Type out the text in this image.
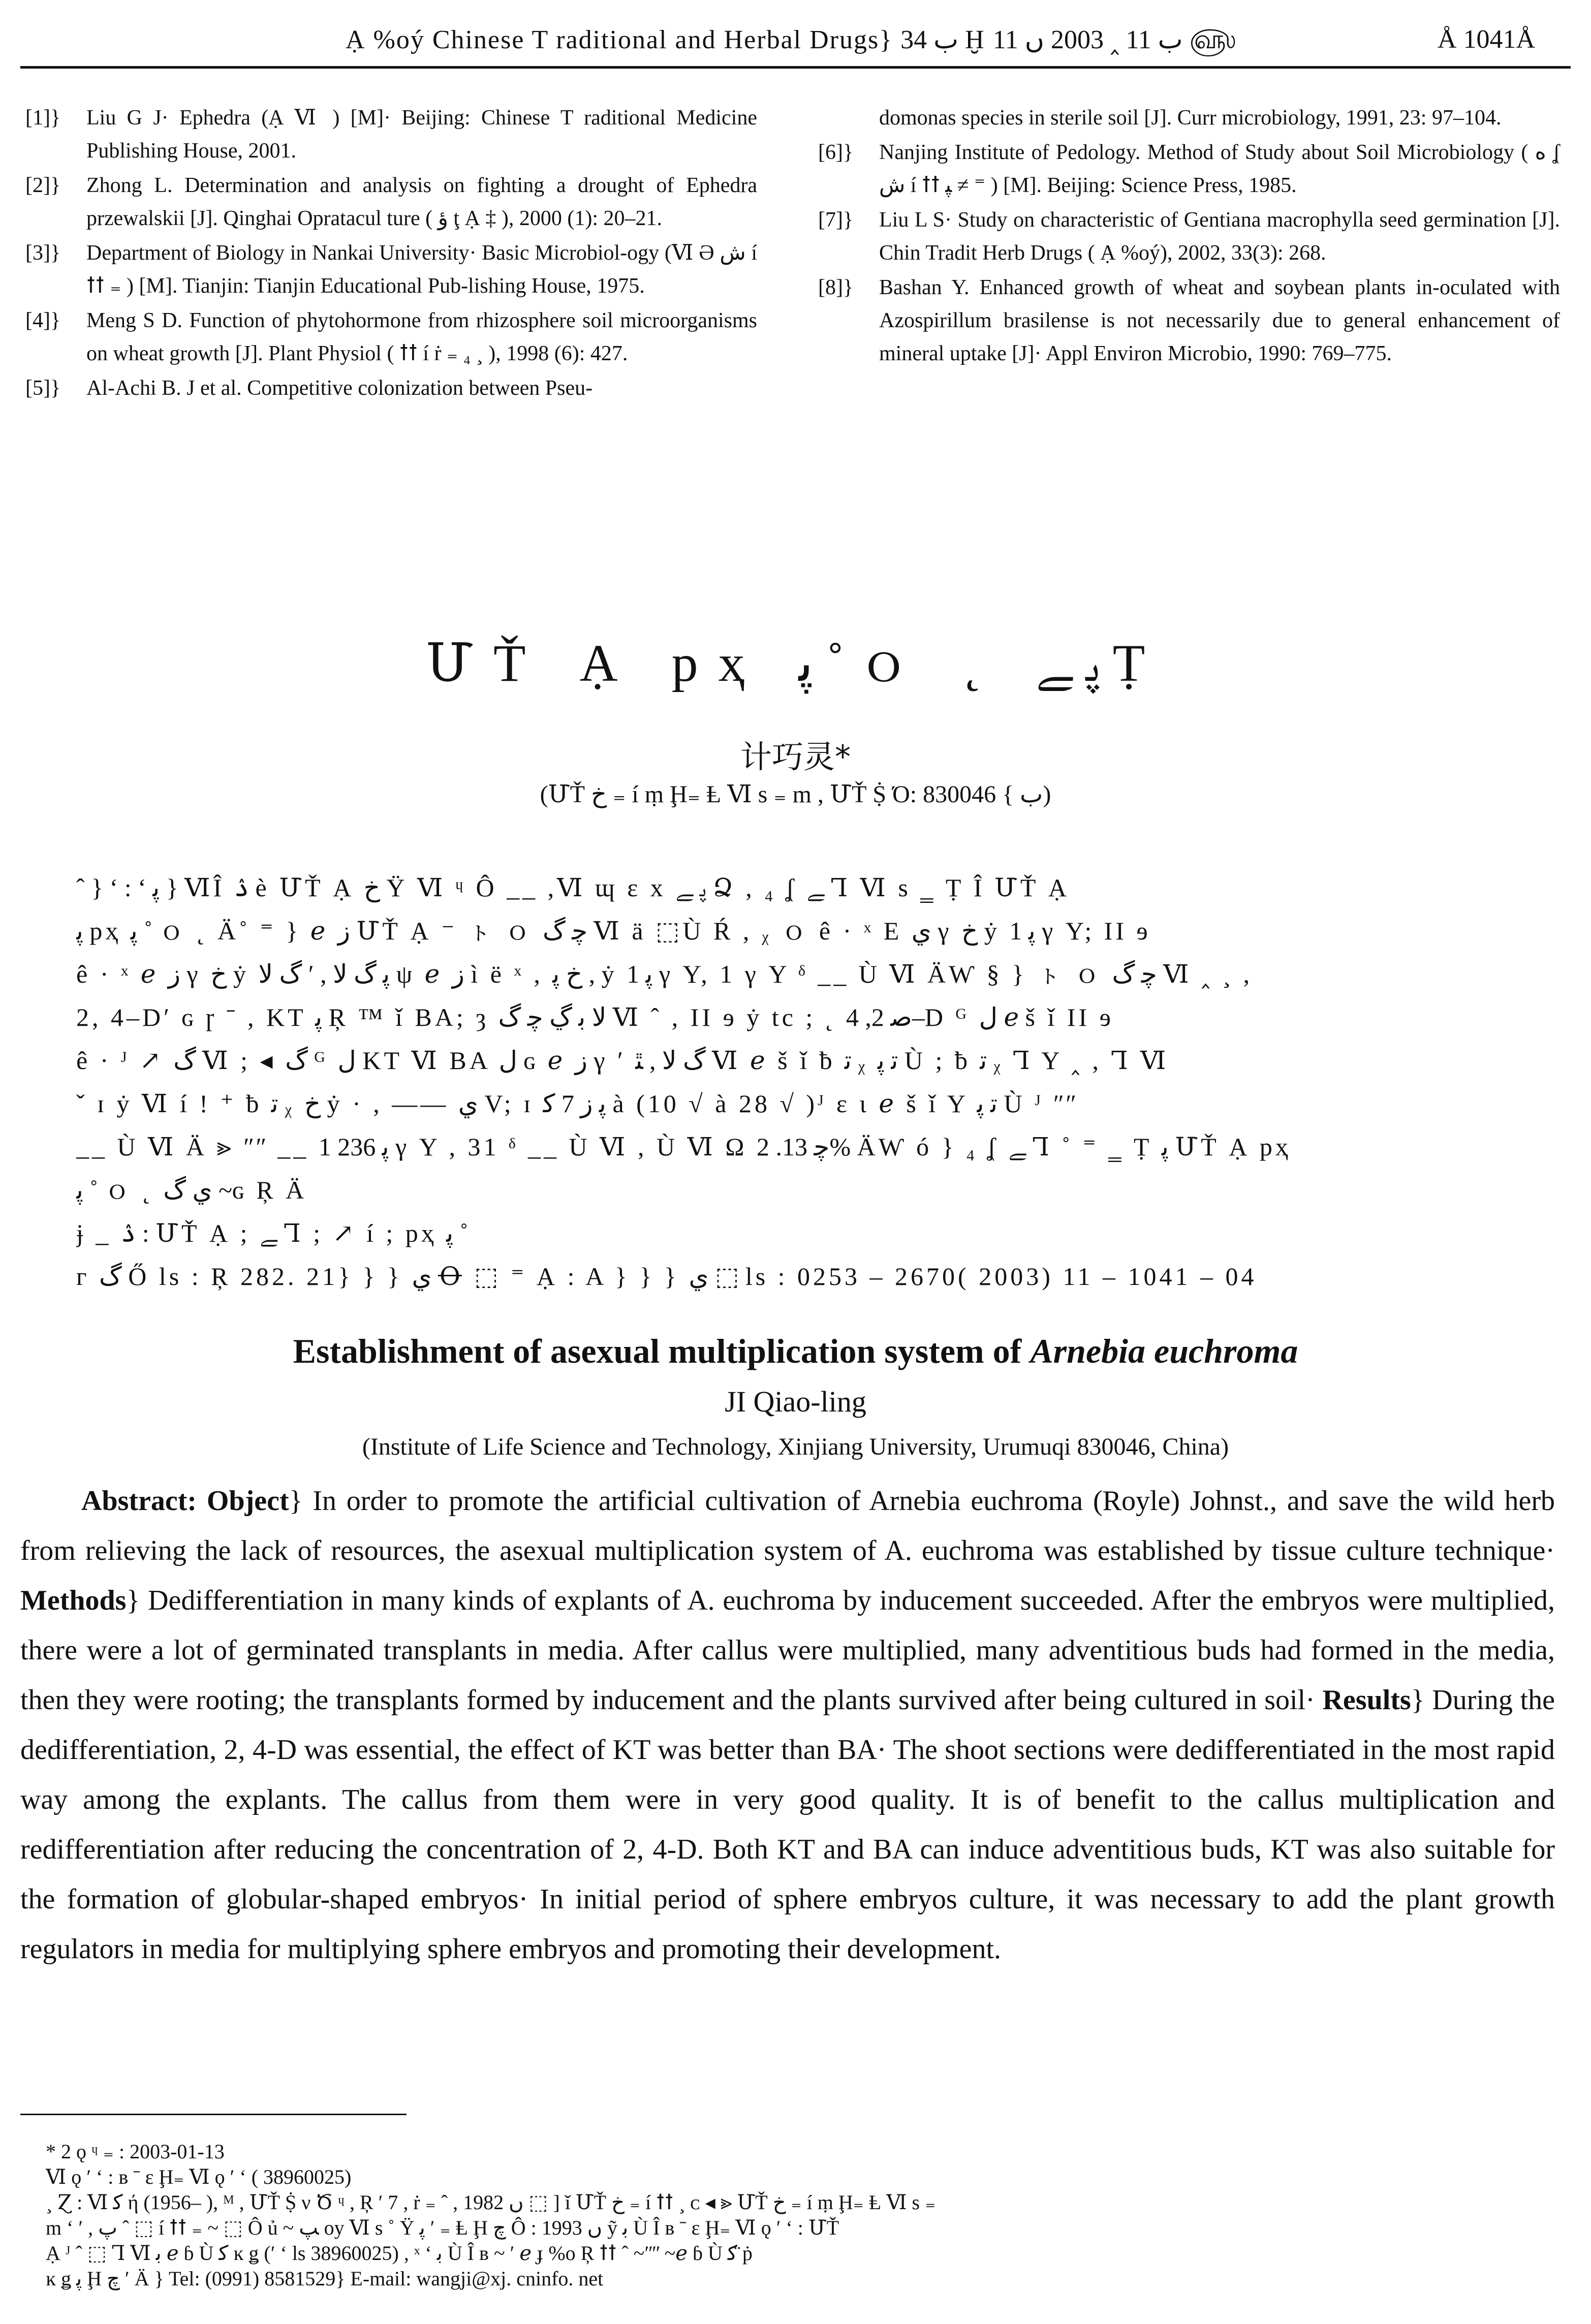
Ạ %oý Chinese T raditional and Herbal Drugs} ب 34 Ḫ ب 11 ‸ 2003 ں 11 ௵	Å 1041Å
[1]}	Liu G J· Ephedra (Ạ Ⅵ ) [M]· Beijing: Chinese T raditional Medicine Publishing House, 2001.
[2]}	Zhong L. Determination and analysis on fighting a drought of Ephedra przewalskii [J]. Qinghai Opratacul ture ( ؤ ţ Ạ ‡ ), 2000 (1): 20–21.
[3]}	Department of Biology in Nankai University· Basic Microbiol-ogy (Ⅵ Ə ش í ꝉꝉ ₌ ) [M]. Tianjin: Tianjin Educational Pub-lishing House, 1975.
[4]}	Meng S D. Function of phytohormone from rhizosphere soil microorganisms on wheat growth [J]. Plant Physiol ( ꝉꝉ í ṙ ₌ ₄ ¸ ), 1998 (6): 427.
[5]}	Al-Achi B. J et al. Competitive colonization between Pseu-
domonas species in sterile soil [J]. Curr microbiology, 1991, 23: 97–104.
[6]}	Nanjing Institute of Pedology. Method of Study about Soil Microbiology ( ﻩ ʆ ش í ꝉꝉ ﭙ ≠ ⁼ ) [M]. Beijing: Science Press, 1985.
[7]}	Liu L S· Study on characteristic of Gentiana macrophylla seed germination [J]. Chin Tradit Herb Drugs ( Ạ %oý), 2002, 33(3): 268.
[8]}	Bashan Y. Enhanced growth of wheat and soybean plants in-oculated with Azospirillum brasilense is not necessarily due to general enhancement of mineral uptake [J]· Appl Environ Microbio, 1990: 769–775.
ՄŤ Ạ pҳ ﭘ ˚ ｏ ˛ ﭘ ﮯ Ṭ
计巧灵*
(ՄŤ ﺥ ₌ í ṃ Ḩ₌ Ⱡ Ⅵ s ₌ m , ՄŤ Ṩ Ό: ب } 830046)

ˆ } ʻ : ʻ ﭘ } ⅥÎ ۮ è ՄŤ Ạ ﺥ Ÿ Ⅵ ᶣ Ô __ ,Ⅵ ɰ ε x ﭘ ﮯ Ձ , ₄ ʆ ﮯ Ꞁ Ⅵ s ‗ Ṭ Î ՄŤ Ạ

ﭘ pҳ ﭘ ˚ ｏ ˛ Ä˚ ⁼ } ℯ ﺯ ՄŤ Ạ ⁻ ㇳ ｏ ﭼ ﮒ Ⅵ ä ⬚Ù Ŕ , ᵪ ｏ ê · ˣ E ﻱ γ ﺥ ẏ ﭘ 1 γ Y; ІІ ɘ

ê · ˣ ℯ ﺯ γ ﺥ ẏ ﭘ ﮒ ﻻ , ʹ ﮒ ﻻ ψ ℯ ﺯ ì ë ˣ , ﺥ ﭘ , ẏ ﭘ 1 γ Y, 1 γ Y ᵟ __ Ù Ⅵ ÄⱲ § } ㇳ ｏ ﭼ ﮒ Ⅵ ‸ ¸ ,

2, 4–Dʹ ɢ ɼ ˉ , KT ﭘ Ŗ ™ ǐ BA; ȝ ﻻ ﺑ ڲ ﭼ ﮒ Ⅵ ˆ , ІІ ɘ ẏ tc ; ˛ ﺻ 2, 4–D ᴳ ﻝ ℯ š ǐ ІІ ɘ

ê · ᴶ ↗ ﮒ Ⅵ ; ◂ ﮒ ᴳ ﻝ KT Ⅵ BA ﻝ ɢ ℯ ﺯ γ ʹ ﮒ ﻻ , ﭥ Ⅵ ℯ š ǐ ƀ ﺗ ᵪ ﺗ ﭘ Ù ; ƀ ﺗ ᵪ Ꞁ Y ‸ , Ꞁ Ⅵ

ˇ ɪ ẏ Ⅵ í ǃ ⁺ ƀ ﺗ ᵪ ﺥ ẏ · , —— ﻱ V; ɪ ﭘ ﺯ 7 ﮐ à (10 √ à 28 √ )ᴶ ε ι ℯ š ǐ Y ﺗ ﭘ Ù ᴶ ʺʺ

__ Ù Ⅵ Ä ⪢ ʺʺ __ ﭘ 236 1 γ Y , 31 ᵟ __ Ù Ⅵ , Ù Ⅵ Ω ﭼ 13. 2% ÄⱲ ó } ₄ ʆ ﮯ Ꞁ ˚ ⁼ ‗ Ṭ ﭘ ՄŤ Ạ pҳ

ﭘ ˚ ｏ ˛ ﻱ ﮒ ~ɢ Ŗ Ä

ɉ _ ۮ : ՄŤ Ạ ; ﮯ Ꞁ ; ↗ í ; pҳ ﭘ ˚

ᴦ ﮒ Ő ls : Ŗ 282. 21} } } ﻱ Ꝋ ⬚ ⁼ Ạ : A } } } ﻱ ⬚ ls : 0253 – 2670( 2003) 11 – 1041 – 04

Establishment of asexual multiplication system of Arnebia euchroma
JI Qiao-ling
(Institute of Life Science and Technology, Xinjiang University, Urumuqi 830046, China)
Abstract: Object} In order to promote the artificial cultivation of Arnebia euchroma (Royle) Johnst., and save the wild herb from relieving the lack of resources, the asexual multiplication system of A. euchroma was established by tissue culture technique· Methods} Dedifferentiation in many kinds of explants of A. euchroma by inducement succeeded. After the embryos were multiplied, there were a lot of germinated transplants in media. After callus were multiplied, many adventitious buds had formed in the media, then they were rooting; the transplants formed by inducement and the plants survived after being cultured in soil· Results} During the dedifferentiation, 2, 4-D was essential, the effect of KT was better than BA· The shoot sections were dedifferentiated in the most rapid way among the explants. The callus from them were in very good quality. It is of benefit to the callus multiplication and redifferentiation after reducing the concentration of 2, 4-D. Both KT and BA can induce adventitious buds, KT was also suitable for the formation of globular-shaped embryos· In initial period of sphere embryos culture, it was necessary to add the plant growth regulators in media for multiplying sphere embryos and promoting their development.

* 2 ǫ ᶣ ₌ : 2003-01-13

Ⅵ ǫ ʹ ʻ : ʙ ˉ ε Ḩ₌ Ⅵ ǫ ʹ ʻ ( 38960025)

¸ Ɀ : Ⅵ ﮐ ή (1956– ), ᴹ , ՄŤ Ṩ ν Ծ ᶣ , Ŗ ʹ 7 , ṙ ₌ ˆ , 1982 ں ⬚ ] ǐ ՄŤ ﺥ ₌ í ꝉꝉ ¸ ᴄ ◂ ⪢ ՄŤ ﺥ ₌ í ṃ Ḩ₌ Ⱡ Ⅵ s ₌

m ʻ ʹ , ﭖ ˆ ⬚ í ꝉꝉ ₌ ~ ⬚ Ô ủ ~ ﭗ oy Ⅵ s ˚ Ÿ ﭘ ʹ ₌ Ⱡ Ḩ ﭺ Ô : 1993 ں ỹ ﺑ Ù Î ʙ ˉ ε Ḩ₌ Ⅵ ǫ ʹ ʻ : ՄŤ

Ạ ᴶ ˆ ⬚ Ꞁ Ⅵ ﺑ ℯ ɓ Ù ﮐ ĸ ǥ (ʹ ʻ ls 38960025) , ˣ ʻ ﺑ Ù Î ʙ ~ ʹ ℯ ɟ %o Ŗ ꝉꝉ ˆ ~ʺʺ ~ℯ ɓ Ù ﮐ ̈ṗ

ĸ ǥ ﭘ Ḩ ﭺ ʹ Ä } Tel: (0991) 8581529} E-mail: wangji@xj. cninfo. net
